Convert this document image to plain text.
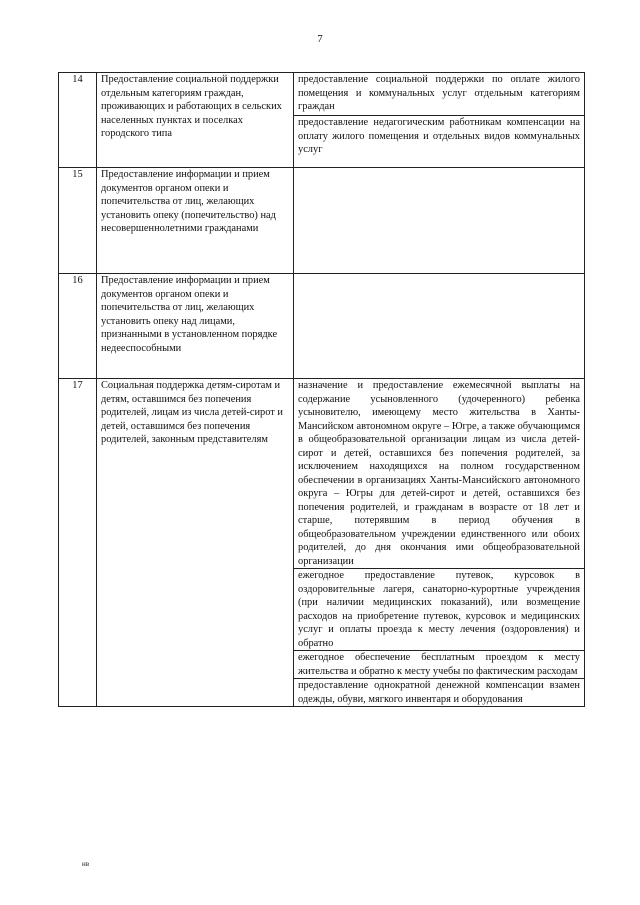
7
14	Предоставление социальной поддержки отдельным категориям граждан, проживающих и работающих в сельских населенных пунктах и поселках городского типа	предоставление социальной поддержки по оплате жилого помещения и коммунальных услуг отдельным категориям граждан
предоставление недагогическим работникам компенсации на оплату жилого помещения и отдельных видов коммунальных услуг

15	Предоставление информации и прием документов органом опеки и попечительства от лиц, желающих установить опеку (попечительство) над несовершеннолетними гражданами	
16	Предоставление информации и прием документов органом опеки и попечительства от лиц, желающих установить опеку над лицами, признанными в установленном порядке недееспособными	
17	Социальная поддержка детям-сиротам и детям, оставшимся без попечения родителей, лицам из числа детей-сирот и детей, оставшимся без попечения родителей, законным представителям	назначение и предоставление ежемесячной выплаты на содержание усыновленного (удочеренного) ребенка усыновителю, имеющему место жительства в Ханты-Мансийском автономном округе – Югре, а также обучающимся в общеобразовательной организации лицам из числа детей-сирот и детей, оставшихся без попечения родителей, за исключением находящихся на полном государственном обеспечении в организациях Ханты-Мансийского автономного округа – Югры для детей-сирот и детей, оставшихся без попечения родителей, и гражданам в возрасте от 18 лет и старше, потерявшим в период обучения в общеобразовательном учреждении единственного или обоих родителей, до дня окончания ими общеобразовательной организации
ежегодное предоставление путевок, курсовок в оздоровительные лагеря, санаторно-курортные учреждения (при наличии медицинских показаний), или возмещение расходов на приобретение путевок, курсовок и медицинских услуг и оплаты проезда к месту лечения (оздоровления) и обратно
ежегодное обеспечение бесплатным проездом к месту жительства и обратно к месту учебы по фактическим расходам
предоставление однократной денежной компенсации взамен одежды, обуви, мягкого инвентаря и оборудования
нв
